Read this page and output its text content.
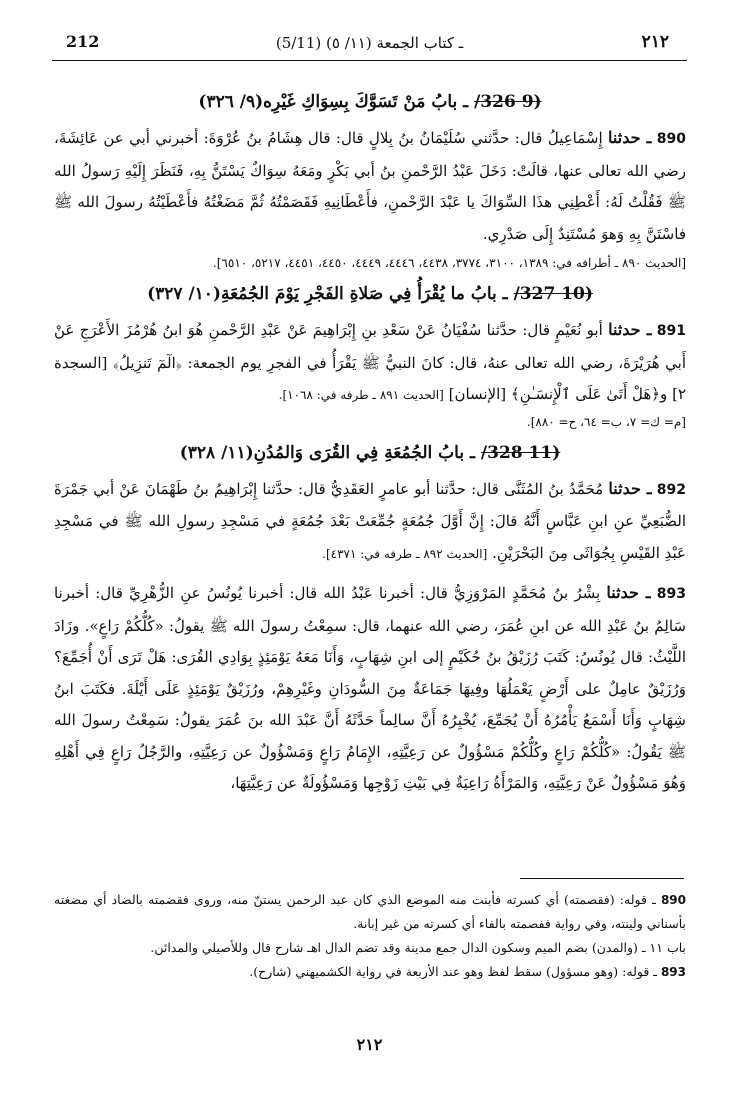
212	(5/11) ـ كتاب الجمعة (١١/ ٥)	٢١٢
(9 326/ ـ بابُ مَنْ تَسَوَّكَ بِسِوَاكِ غَيْرِه(٩/ ٣٢٦)
890 ـ حدثنا إِسْمَاعِيلُ قال: حدَّثني سُلَيْمَانُ بنُ بِلالٍ قال: قال هِشَامُ بنُ عُرْوَةَ: أخبرني أبي عن عَائِشَةَ، رضي الله تعالى عنها، قالَتْ: دَخَلَ عَبْدُ الرَّحْمنِ بنُ أبي بَكْرٍ ومَعَهُ سِوَاكٌ يَسْتَنُّ بِهِ، فَنَظَرَ إِلَيْهِ رَسولُ الله ﷺ فَقُلْتُ لَهُ: أَعْطِنِي هذَا السِّوَاكَ يا عَبْدَ الرَّحْمنِ، فأَعْطَانِيهِ فَقَصَمْتُهُ ثُمَّ مَضَغْتُهُ فأَعْطَيْتُهُ رسولَ الله ﷺ فاسْتَنَّ بِهِ وَهوَ مُسْتَنِدٌ إِلَى صَدْرِي.
[الحديث ٨٩٠ ـ أطرافه في: ١٣٨٩، ٣١٠٠، ٣٧٧٤، ٤٤٣٨، ٤٤٤٦، ٤٤٤٩، ٤٤٥٠، ٤٤٥١، ٥٢١٧، ٦٥١٠].
(10 327/ ـ بابُ ما يُقْرَأُ فِي صَلاةِ الفَجْرِ يَوْمَ الجُمُعَةِ(١٠/ ٣٢٧)
891 ـ حدثنا أبو نُعَيْمٍ قال: حدَّثنا سُفْيَانُ عَنْ سَعْدِ بنِ إِبْرَاهِيمَ عَنْ عَبْدِ الرَّحْمنِ هُوَ ابنُ هُرْمُزَ الأَعْرَجِ عَنْ أَبي هُرَيْرَةَ، رضي الله تعالى عنهُ، قال: كانَ النبيُّ ﷺ يَقْرَأُ في الفجرِ يوم الجمعة: ﴿الٓمٓ تَنزِيلُ﴾ [السجدة ٢] و﴿هَلْ أَتَىٰ عَلَى ٱلْإِنسَـٰنِ﴾ [الإنسان] [الحديث ٨٩١ ـ طرفه في: ١٠٦٨].
[م= ك= ٧، ب= ٦٤، ح= ٨٨٠].
(11 328/ ـ بابُ الجُمُعَةِ فِي القُرَى وَالمُدُنِ(١١/ ٣٢٨)
892 ـ حدثنا مُحَمَّدُ بنُ المُثَنَّى قال: حدَّثنا أبو عامرٍ العَقَدِيُّ قال: حدَّثنا إِبْرَاهِيمُ بنُ طَهْمَانَ عَنْ أبي جَمْرَةَ الضُّبَعِيِّ عنِ ابنِ عَبَّاسٍ أَنَّهُ قالَ: إِنَّ أَوَّلَ جُمُعَةٍ جُمِّعَتْ بَعْدَ جُمُعَةٍ في مَسْجِدِ رسولِ الله ﷺ في مَسْجِدِ عَبْدِ القَيْسِ بِجُوَاثَى مِنَ البَحْرَيْنِ. [الحديث ٨٩٢ ـ طرفه في: ٤٣٧١].
893 ـ حدثنا بِشْرُ بنُ مُحَمَّدٍ المَرْوَزِيُّ قال: أخبرنا عَبْدُ الله قال: أخبرنا يُونُسُ عنِ الزُّهْرِيِّ قال: أخبرنا سَالِمُ بنُ عَبْدِ الله عن ابنِ عُمَرَ، رضي الله عنهما، قال: سمِعْتُ رسولَ الله ﷺ يقولُ: «كُلُّكُمْ رَاعٍ». وزَادَ اللَّيْثُ: قال يُونُسُ: كَتَبَ رُزَيْقُ بنُ حُكَيْمٍ إلى ابنِ شِهَابٍ، وَأَنَا مَعَهُ يَوْمَئِذٍ بِوَادِي القُرَى: هَلْ تَرَى أَنْ أُجَمِّعَ؟ وَرُزَيْقٌ عامِلٌ على أَرْضٍ يَعْمَلُهَا وفِيهَا جَمَاعَةٌ مِنَ السُّودَانِ وغَيْرِهِمْ، ورُزَيْقٌ يَوْمَئِذٍ عَلَى أَيْلَةَ. فكَتَبَ ابنُ شِهَابٍ وَأَنَا أَسْمَعُ يَأْمُرُهُ أَنْ يُجَمِّعَ، يُخْبِرُهُ أَنَّ سالِماً حَدَّثَهُ أَنَّ عَبْدَ الله بنَ عُمَرَ يقولُ: سَمِعْتُ رسولَ الله ﷺ يَقُولُ: «كُلُّكُمْ رَاعٍ وكُلُّكُمْ مَسْؤُولٌ عن رَعِيَّتِهِ، الإِمَامُ رَاعٍ وَمَسْؤُولٌ عن رَعِيَّتِهِ، والرَّجُلُ رَاعٍ فِي أَهْلِهِ وَهُوَ مَسْؤُولٌ عَنْ رَعِيَّتِهِ، وَالمَرْأَةُ رَاعِيَةٌ فِي بَيْتِ زَوْجِها وَمَسْؤُولَةٌ عن رَعِيَّتِهَا،
890 ـ قوله: (فقصمته) أي كسرته فأبنت منه الموضع الذي كان عبد الرحمن يستنّ منه، وروى فقضمته بالضاد أي مضغته بأسناني ولينته، وفي رواية ففصمته بالفاء أي كسرته من غير إبانة.
باب ١١ ـ (والمدن) بضم الميم وسكون الدال جمع مدينة وقد تضم الدال اهـ شارح قال وللأصيلي والمدائن.
893 ـ قوله: (وهو مسؤول) سقط لفظ وهو عند الأربعة في رواية الكشميهني (شارح).
٢١٢
